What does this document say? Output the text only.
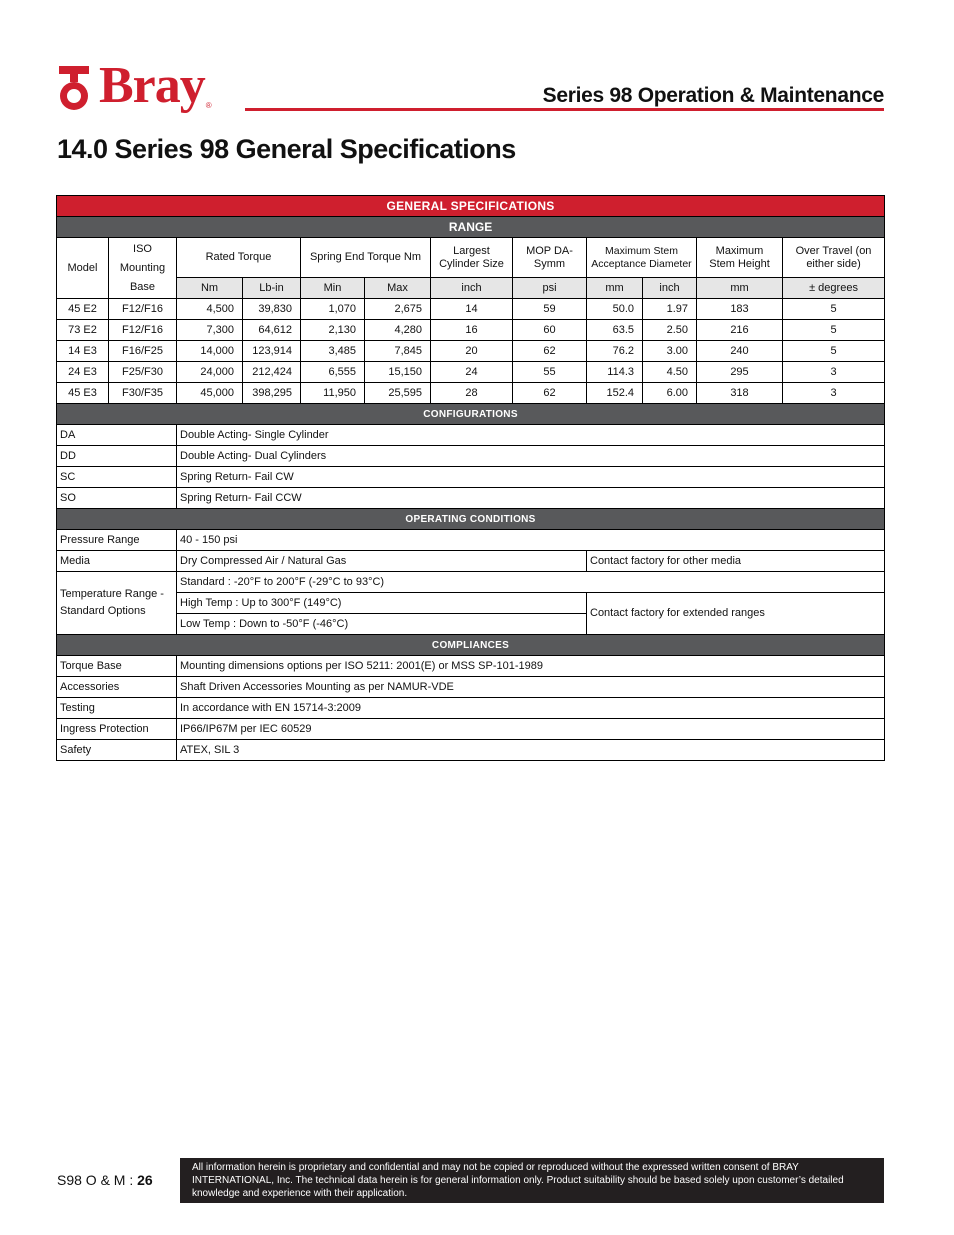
Bray ®	Series 98 Operation & Maintenance
14.0 Series 98 General Specifications
GENERAL SPECIFICATIONS											
RANGE											
Model	ISO Mounting Base	Rated Torque		Spring End Torque Nm		Largest Cylinder Size	MOP DA- Symm	Maximum Stem Acceptance Diameter		Maximum Stem Height	Over Travel (on either side)
		Nm	Lb-in	Min	Max	inch	psi	mm	inch	mm	± degrees
45 E2	F12/F16	4,500	39,830	1,070	2,675	14	59	50.0	1.97	183	5
73 E2	F12/F16	7,300	64,612	2,130	4,280	16	60	63.5	2.50	216	5
14 E3	F16/F25	14,000	123,914	3,485	7,845	20	62	76.2	3.00	240	5
24 E3	F25/F30	24,000	212,424	6,555	15,150	24	55	114.3	4.50	295	3
45 E3	F30/F35	45,000	398,295	11,950	25,595	28	62	152.4	6.00	318	3
CONFIGURATIONS											
DA		Double Acting- Single Cylinder									
DD		Double Acting- Dual Cylinders									
SC		Spring Return- Fail CW									
SO		Spring Return- Fail CCW									
OPERATING CONDITIONS											
Pressure Range		40 - 150 psi									
Media		Dry Compressed Air / Natural Gas						Contact factory for other media			
Temperature Range - Standard Options		Standard : -20°F to 200°F (-29°C to 93°C)									
		High Temp : Up to 300°F (149°C)						Contact factory for extended ranges			
		Low Temp : Down to -50°F (-46°C)									
COMPLIANCES											
Torque Base		Mounting dimensions options per ISO 5211: 2001(E) or MSS SP-101-1989									
Accessories		Shaft Driven Accessories Mounting as per NAMUR-VDE									
Testing		In accordance with EN 15714-3:2009									
Ingress Protection		IP66/IP67M per IEC 60529									
Safety		ATEX, SIL 3									
S98 O & M : 26
All information herein is proprietary and confidential and may not be copied or reproduced without the expressed written consent of BRAY INTERNATIONAL, Inc. The technical data herein is for general information only. Product suitability should be based solely upon customer’s detailed knowledge and experience with their application.
